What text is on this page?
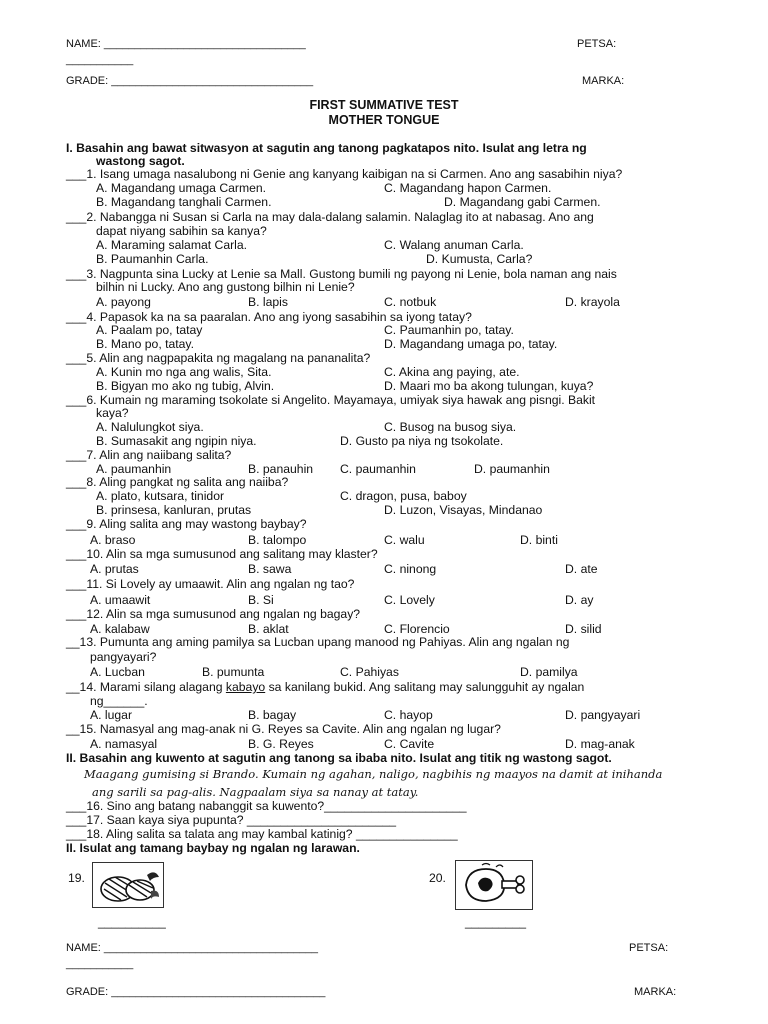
NAME: _________________________________	PETSA:
___________
GRADE: _________________________________	MARKA:
FIRST SUMMATIVE TEST
MOTHER TONGUE
I. Basahin ang bawat sitwasyon at sagutin ang tanong pagkatapos nito. Isulat ang letra ng
wastong sagot.
___1. Isang umaga nasalubong ni Genie ang kanyang kaibigan na si Carmen. Ano ang sasabihin niya?
A. Magandang umaga Carmen.	C. Magandang hapon Carmen.
B. Magandang tanghali Carmen.	D. Magandang gabi Carmen.
___2. Nabangga ni Susan si Carla na may dala-dalang salamin. Nalaglag ito at nabasag. Ano ang
dapat niyang sabihin sa kanya?
A. Maraming salamat Carla.	C. Walang anuman Carla.
B. Paumanhin Carla.	D. Kumusta, Carla?
___3. Nagpunta sina Lucky at Lenie sa Mall. Gustong bumili ng payong ni Lenie, bola naman ang nais
bilhin ni Lucky. Ano ang gustong bilhin ni Lenie?
A. payong	B. lapis	C. notbuk	D. krayola
___4. Papasok ka na sa paaralan. Ano ang iyong sasabihin sa iyong tatay?
A. Paalam po, tatay	C. Paumanhin po, tatay.
B. Mano po, tatay.	D. Magandang umaga po, tatay.
___5. Alin ang nagpapakita ng magalang na pananalita?
A. Kunin mo nga ang walis, Sita.	C. Akina ang paying, ate.
B. Bigyan mo ako ng tubig, Alvin.	D. Maari mo ba akong tulungan, kuya?
___6. Kumain ng maraming tsokolate si Angelito. Mayamaya, umiyak siya hawak ang pisngi. Bakit
kaya?
A. Nalulungkot siya.	C. Busog na busog siya.
B. Sumasakit ang ngipin niya.	D. Gusto pa niya ng tsokolate.
___7. Alin ang naiibang salita?
A. paumanhin	B. panauhin C. paumanhin	D. paumanhin
___8. Aling pangkat ng salita ang naiiba?
A. plato, kutsara, tinidor	C. dragon, pusa, baboy
B. prinsesa, kanluran, prutas	D. Luzon, Visayas, Mindanao
___9. Aling salita ang may wastong baybay?
A. braso	B. talompo	C. walu	D. binti
___10. Alin sa mga sumusunod ang salitang may klaster?
A. prutas	B. sawa	C. ninong	D. ate
___11. Si Lovely ay umaawit. Alin ang ngalan ng tao?
A. umaawit	B. Si	C. Lovely	D. ay
___12. Alin sa mga sumusunod ang ngalan ng bagay?
A. kalabaw	B. aklat	C. Florencio	D. silid
__13. Pumunta ang aming pamilya sa Lucban upang manood ng Pahiyas. Alin ang ngalan ng
pangyayari?
A. Lucban	B. pumunta	C. Pahiyas	D. pamilya
__14. Marami silang alagang kabayo sa kanilang bukid. Ang salitang may salungguhit ay ngalan
ng______.
A. lugar	B. bagay	C. hayop	D. pangyayari
__15. Namasyal ang mag-anak ni G. Reyes sa Cavite. Alin ang ngalan ng lugar?
A. namasyal	B. G. Reyes	C. Cavite	D. mag-anak
II. Basahin ang kuwento at sagutin ang tanong sa ibaba nito. Isulat ang titik ng wastong sagot.
Maagang gumising si Brando. Kumain ng agahan, naligo, nagbihis ng maayos na damit at inihanda
ang sarili sa pag-alis. Nagpaalam siya sa nanay at tatay.
___16. Sino ang batang nabanggit sa kuwento?_____________________
___17. Saan kaya siya pupunta? ______________________
___18. Aling salita sa talata ang may kambal katinig? _______________
II. Isulat ang tamang baybay ng ngalan ng larawan.
19.
__________
20.
_________
NAME: ___________________________________	PETSA:
___________
GRADE: ___________________________________	MARKA:
